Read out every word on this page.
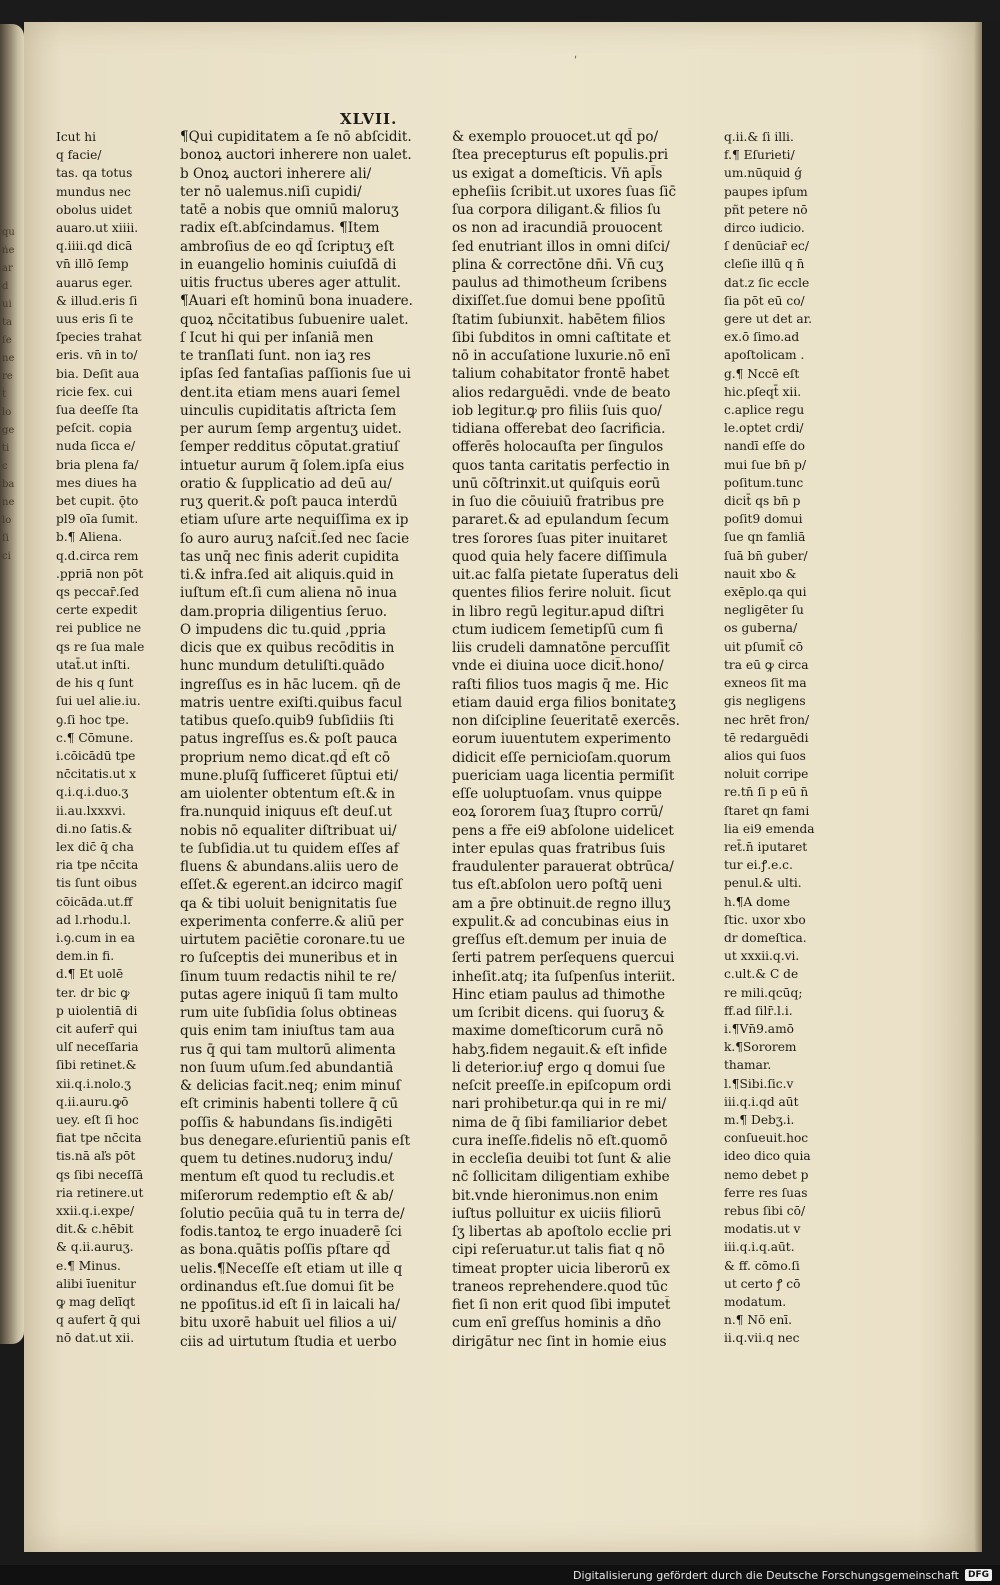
qu
ṅe
ar
d
ui
ta
ſe
ne
re
ṫ
lo
ge
ti
c
ba
ne
lo
ſi
ci
ʹ
XLVII.
Icut hi
q facie/
tas. qa totus
mundus nec
obolus uidet
auaro.ut xiiii.
q.iiii.qd dicā
vn̄ illō ſemp
auarus eger.
& illud.eris ſi
uus eris ſi te
ſpecies trahat
eris. vn̄ in to/
bia. Deſit aua
ricie fex. cui
ſua deeſſe ſta
peſcit. copia
nuda ſicca e/
bria plena fa/
mes diues ha
bet cupit. ǭto
pl9 oīa ſumit.
b.¶ Aliena.
q.d.circa rem
.ppriā non pōt
qs peccar̄.ſed
certe expedit
rei publice ne
qs re ſua male
utat̄.ut inſti.
de his q ſunt
ſui uel alie.iu.
ꝯ.ſi hoc tpe.
c.¶ Cōmune.
i.cōicādū tpe
nc̄citatis.ut x
q.i.q.i.duo.ʒ
ii.au.lxxxvi.
di.no ſatis.&
lex dic̄ q̄ cha
ria tpe nc̄cita
tis ſunt oibus
cōicāda.ut.ff
ad l.rhodu.l.
i.ꝯ.cum in ea
dem.in fi.
d.¶ Et uolē
ter. dr bic ꝙ
p uiolentiā di
cit auferr̄ qui
ulſ neceſſaria
ſibi retinet.&
xii.q.i.nolo.ʒ
q.ii.auru.ꝙō
uey. eſt ſi hoc
fiat tpe nc̄cita
tis.nā aľs pōt
qs ſibi neceſſā
ria retinere.ut
xxii.q.i.expe/
dit.& c.hēbit
& q.ii.auruʒ.
e.¶ Minus.
alibi īuenitur
ꝙ mag delīqt
q aufert q̄ qui
nō dat.ut xii.
¶Qui cupiditatem a ſe nō abſcidit.
bonoꝝ auctori inherere non ualet.
b Onoꝝ auctori inherere ali/
ter nō ualemus.niſi cupidi/
tatē a nobis que omniū maloruʒ
radix eſt.abſcindamus. ¶Item
ambroſius de eo qd̄ ſcriptuʒ eſt
in euangelio hominis cuiuſdā di
uitis fructus uberes ager attulit.
¶Auari eſt hominū bona inuadere.
quoꝝ nc̄citatibus ſubuenire ualet.
ſ Icut hi qui per inſaniā men
te tranſlati ſunt. non iaʒ res
ipſas ſed fantaſias paſſionis ſue ui
dent.ita etiam mens auari ſemel
uinculis cupiditatis aſtricta ſem
per aurum ſemp argentuʒ uidet.
ſemper redditus cōputat.gratiuſ
intuetur aurum q̄ ſolem.ipſa eius
oratio & ſupplicatio ad deū au/
ruʒ querit.& poſt pauca interdū
etiam uſure arte nequiſſima ex ip
ſo auro auruʒ naſcit̄.ſed nec ſacie
tas unq̄ nec finis aderit cupidita
ti.& infra.ſed ait aliquis.quid in
iuſtum eſt.ſi cum aliena nō inua
dam.propria diligentius ſeruo.
O impudens dic tu.quid ,ppria
dicis que ex quibus recōditis in
hunc mundum detuliſti.quādo
ingreſſus es in hāc lucem. qn̄ de
matris uentre exiſti.quibus facul
tatibus queſo.quib9 ſubſidiis ſti
patus ingreſſus es.& poſt pauca
proprium nemo dicat.qd̄ eſt cō
mune.pluſq̄ ſufficeret ſūptui eti/
am uiolenter obtentum eſt.& in
fra.nunquid iniquus eſt deuſ.ut
nobis nō equaliter diſtribuat ui/
te ſubſidia.ut tu quidem eſſes af
fluens & abundans.aliis uero de
eſſet.& egerent.an idcirco magiſ
qa & tibi uoluit benignitatis ſue
experimenta conferre.& aliū per
uirtutem paciētie coronare.tu ue
ro ſuſceptis dei muneribus et in
ſinum tuum redactis nihil te re/
putas agere iniquū ſi tam multo
rum uite ſubſidia ſolus obtineas
quis enim tam iniuſtus tam aua
rus q̄ qui tam multorū alimenta
non ſuum uſum.ſed abundantiā
& delicias facit.neq; enim minuſ
eſt criminis habenti tollere q̄ cū
poſſis & habundans ſis.indigēti
bus denegare.eſurientiū panis eſt
quem tu detines.nudoruʒ indu/
mentum eſt quod tu recludis.et
miſerorum redemptio eſt & ab/
ſolutio pecūia quā tu in terra de/
fodis.tantoꝝ te ergo inuaderē ſci
as bona.quātis poſſis pſtare qd̄
uelis.¶Neceſſe eſt etiam ut ille q
ordinandus eſt.ſue domui ſit be
ne ppoſitus.id eſt ſi in laicali ha/
bitu uxorē habuit uel filios a ui/
ciis ad uirtutum ſtudia et uerbo
& exemplo prouocet.ut qd̄ po/
ſtea precepturus eſt populis.pri
us exigat a domeſticis. Vn̄ apl̄s
epheſiis ſcribit.ut uxores ſuas ſic̄
ſua corpora diligant.& filios ſu
os non ad iracundiā prouocent
ſed enutriant illos in omni diſci/
plina & correctōne dn̄i. Vn̄ cuʒ
paulus ad thimotheum ſcribens
dixiſſet.ſue domui bene ppoſitū
ſtatim ſubiunxit. habētem filios
ſibi ſubditos in omni caſtitate et
nō in accuſatione luxurie.nō enī
talium cohabitator frontē habet
alios redarguēdi. vnde de beato
iob legitur.ꝙ pro filiis ſuis quo/
tidiana offerebat deo ſacrificia.
offerēs holocauſta per ſingulos
quos tanta caritatis perfectio in
unū cōſtrinxit.ut quiſquis eorū
in ſuo die cōuiuiū fratribus pre
pararet.& ad epulandum ſecum
tres ſorores ſuas piter inuitaret
quod quia hely facere diſſimula
uit.ac falſa pietate ſuperatus deli
quentes filios ferire noluit. ſicut
in libro regū legitur.apud diſtri
ctum iudicem ſemetipſū cum fi
liis crudeli damnatōne percuſſit
vnde ei diuina uoce dicit̄.hono/
raſti filios tuos magis q̄ me. Hic
etiam dauid erga filios bonitateʒ
non diſcipline ſeueritatē exercēs.
eorum iuuentutem experimento
didicit eſſe pernicioſam.quorum
puericiam uaga licentia permiſit
eſſe uoluptuoſam. vnus quippe
eoꝝ ſororem ſuaʒ ſtupro corrū/
pens a fr̄e ei9 abſolone uidelicet
inter epulas quas fratribus ſuis
fraudulenter parauerat obtrūca/
tus eſt.abſolon uero poſtq̄ ueni
am a p̄re obtinuit.de regno illuʒ
expulit.& ad concubinas eius in
greſſus eſt.demum per inuia de
ſerti patrem perſequens quercui
inheſit.atq; ita ſuſpenſus interiit.
Hinc etiam paulus ad thimothe
um ſcribit dicens. qui ſuoruʒ &
maxime domeſticorum curā nō
habʒ.fidem negauit.& eſt infide
li deterior.iuꝭ ergo q domui ſue
neſcit preeſſe.in epiſcopum ordi
nari prohibetur.qa qui in re mi/
nima de q̄ ſibi familiarior debet
cura ineſſe.fidelis nō eſt.quomō
in eccleſia deuibi tot ſunt & alie
nc̄ ſollicitam diligentiam exhibe
bit.vnde hieronimus.non enim
iuſtus polluitur ex uiciis filiorū
ſʒ libertas ab apoſtolo ecclie pri
cipi reſeruatur.ut talis fiat q nō
timeat propter uicia liberorū ex
traneos reprehendere.quod tūc
fiet ſi non erit quod ſibi imputet̄
cum enī greſſus hominis a dn̄o
dirigātur nec ſint in homie eius
q.ii.& ſi illi.
f.¶ Eſurieti/
um.nūquid ǵ
paupes ipſum
pñt petere nō
dirco iudicio.
ſ denūciar̄ ec/
cleſie illū q n̄
dat.z ſic eccle
ſia pōt eū co/
gere ut det ar.
ex.ō ſimo.ad
apoſtolicam .
g.¶ Nccē eſt
hic.pſeqt̄ xii.
c.aplice regu
le.optet crdi/
nandī eſſe do
mui ſue bn̄ p/
poſitum.tunc
dicit̄ qs bn̄ p
poſit9 domui
ſue qn famliā
ſuā bn̄ guber/
nauit xbo &
exēplo.qa qui
negligēter ſu
os guberna/
uit pſumit̄ cō
tra eū ꝙ circa
exneos ſit ma
gis negligens
nec hrēt fron/
tē redarguēdi
alios qui ſuos
noluit corripe
re.tn̄ ſi p eū n̄
ſtaret qn fami
lia ei9 emenda
ret̄.n̄ iputaret
tur ei.ꝭ.e.c.
penul.& ulti.
h.¶A dome
ſtic. uxor xbo
dr domeſtica.
ut xxxii.q.vi.
c.ult.& C de
re mili.qcūq;
ff.ad ſilr̄.l.i.
i.¶Vn̄9.amō
k.¶Sororem
thamar.
l.¶Sibi.ſic.v
iii.q.i.qd aūt
m.¶ Debʒ.i.
conſueuit.hoc
ideo dico quia
nemo debet p
ferre res ſuas
rebus ſibi cō/
modatis.ut v
iii.q.i.q.aūt.
& ff. cōmo.ſi
ut certo ꝭ cō
modatum.
n.¶ Nō enī.
ii.q.vii.q nec
Digitalisierung gefördert durch die Deutsche Forschungsgemeinschaft	DFG
